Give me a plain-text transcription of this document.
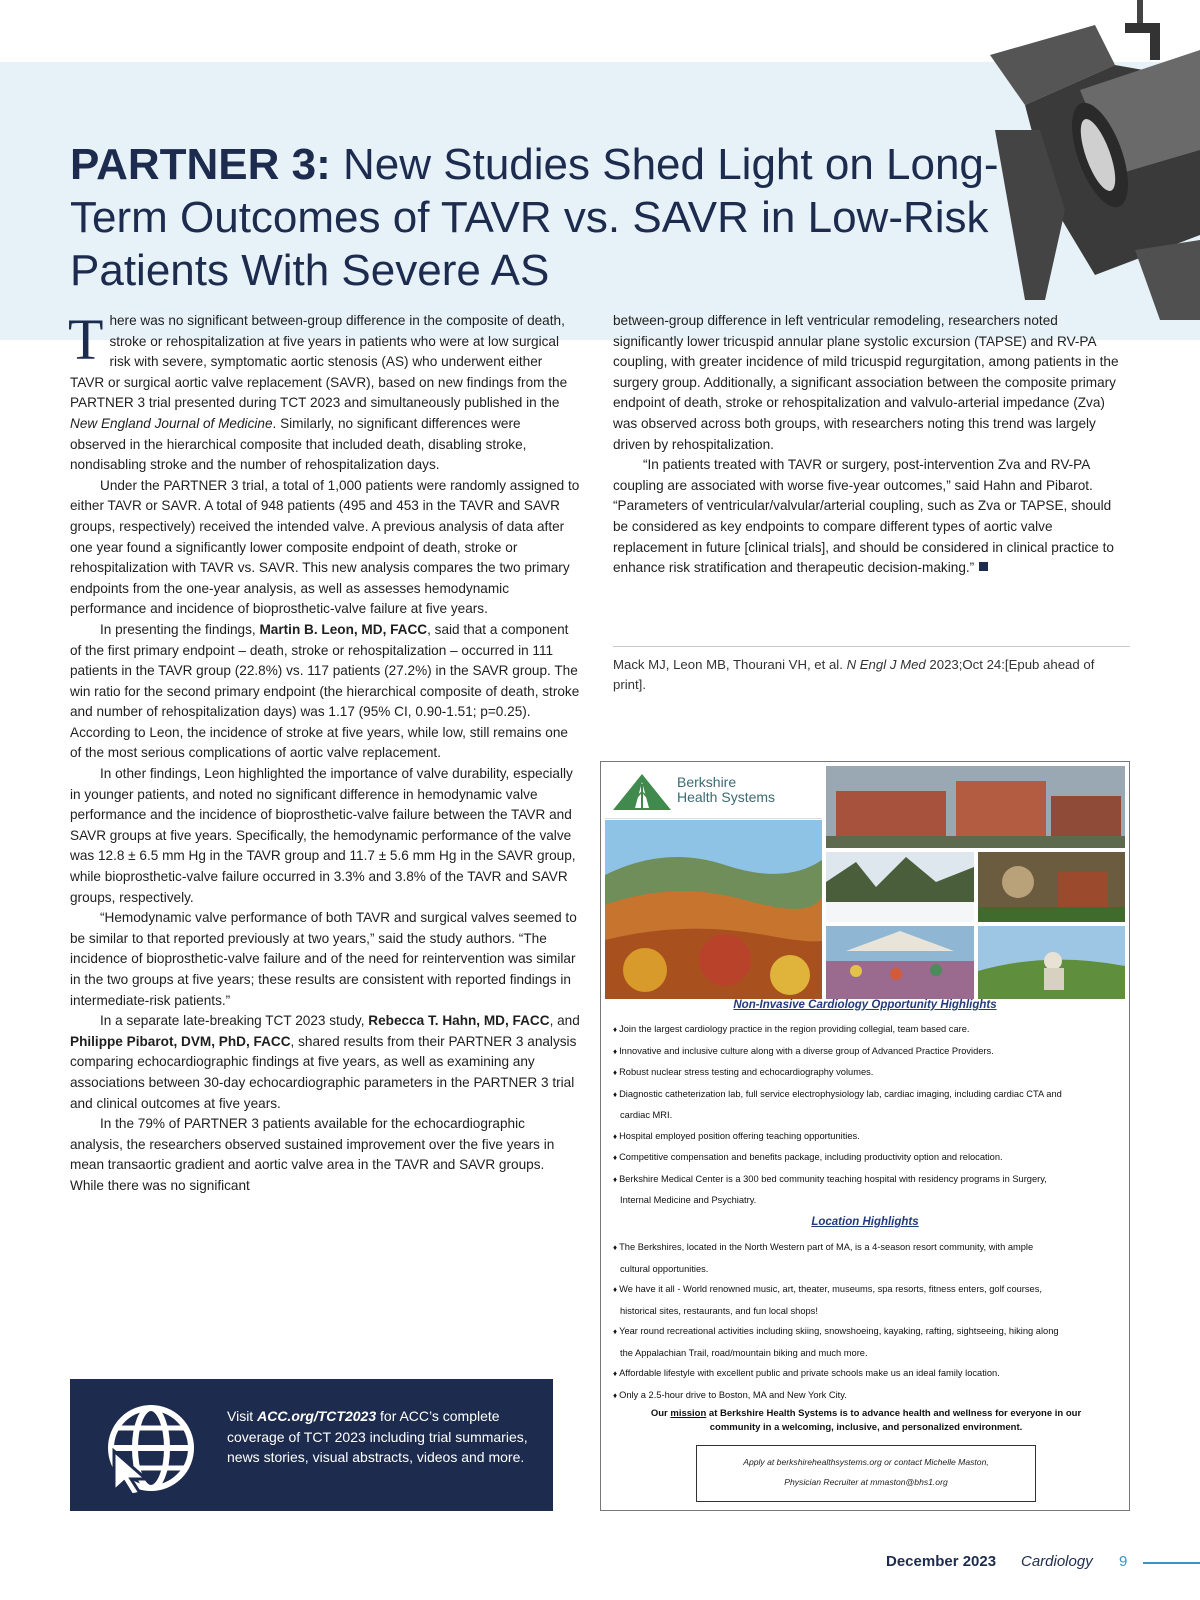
PARTNER 3: New Studies Shed Light on Long-Term Outcomes of TAVR vs. SAVR in Low-Risk Patients With Severe AS

There was no significant between-group difference in the composite of death, stroke or rehospitalization at five years in patients who were at low surgical risk with severe, symptomatic aortic stenosis (AS) who underwent either TAVR or surgical aortic valve replacement (SAVR), based on new findings from the PARTNER 3 trial presented during TCT 2023 and simultaneously published in the New England Journal of Medicine. Similarly, no significant differences were observed in the hierarchical composite that included death, disabling stroke, nondisabling stroke and the number of rehospitalization days.

Under the PARTNER 3 trial, a total of 1,000 patients were randomly assigned to either TAVR or SAVR. A total of 948 patients (495 and 453 in the TAVR and SAVR groups, respectively) received the intended valve. A previous analysis of data after one year found a significantly lower composite endpoint of death, stroke or rehospitalization with TAVR vs. SAVR. This new analysis compares the two primary endpoints from the one-year analysis, as well as assesses hemodynamic performance and incidence of bioprosthetic-valve failure at five years.

In presenting the findings, Martin B. Leon, MD, FACC, said that a component of the first primary endpoint – death, stroke or rehospitalization – occurred in 111 patients in the TAVR group (22.8%) vs. 117 patients (27.2%) in the SAVR group. The win ratio for the second primary endpoint (the hierarchical composite of death, stroke and number of rehospitalization days) was 1.17 (95% CI, 0.90-1.51; p=0.25). According to Leon, the incidence of stroke at five years, while low, still remains one of the most serious complications of aortic valve replacement.

In other findings, Leon highlighted the importance of valve durability, especially in younger patients, and noted no significant difference in hemodynamic valve performance and the incidence of bioprosthetic-valve failure between the TAVR and SAVR groups at five years. Specifically, the hemodynamic performance of the valve was 12.8 ± 6.5 mm Hg in the TAVR group and 11.7 ± 5.6 mm Hg in the SAVR group, while bioprosthetic-valve failure occurred in 3.3% and 3.8% of the TAVR and SAVR groups, respectively.

“Hemodynamic valve performance of both TAVR and surgical valves seemed to be similar to that reported previously at two years,” said the study authors. “The incidence of bioprosthetic-valve failure and of the need for reintervention was similar in the two groups at five years; these results are consistent with reported findings in intermediate-risk patients.”

In a separate late-breaking TCT 2023 study, Rebecca T. Hahn, MD, FACC, and Philippe Pibarot, DVM, PhD, FACC, shared results from their PARTNER 3 analysis comparing echocardiographic findings at five years, as well as examining any associations between 30-day echocardiographic parameters in the PARTNER 3 trial and clinical outcomes at five years.

In the 79% of PARTNER 3 patients available for the echocardiographic analysis, the researchers observed sustained improvement over the five years in mean transaortic gradient and aortic valve area in the TAVR and SAVR groups. While there was no significant

between-group difference in left ventricular remodeling, researchers noted significantly lower tricuspid annular plane systolic excursion (TAPSE) and RV-PA coupling, with greater incidence of mild tricuspid regurgitation, among patients in the surgery group. Additionally, a significant association between the composite primary endpoint of death, stroke or rehospitalization and valvulo-arterial impedance (Zva) was observed across both groups, with researchers noting this trend was largely driven by rehospitalization.

“In patients treated with TAVR or surgery, post-intervention Zva and RV-PA coupling are associated with worse five-year outcomes,” said Hahn and Pibarot. “Parameters of ventricular/valvular/arterial coupling, such as Zva or TAPSE, should be considered as key endpoints to compare different types of aortic valve replacement in future [clinical trials], and should be considered in clinical practice to enhance risk stratification and therapeutic decision-making.”

Mack MJ, Leon MB, Thourani VH, et al. N Engl J Med 2023;Oct 24:[Epub ahead of print].
Berkshire
Health Systems
Non-Invasive Cardiology Opportunity Highlights
♦ Join the largest cardiology practice in the region providing collegial, team based care.
♦ Innovative and inclusive culture along with a diverse group of Advanced Practice Providers.
♦ Robust nuclear stress testing and echocardiography volumes.
♦ Diagnostic catheterization lab, full service electrophysiology lab, cardiac imaging, including cardiac CTA and
cardiac MRI.
♦ Hospital employed position offering teaching opportunities.
♦ Competitive compensation and benefits package, including productivity option and relocation.
♦ Berkshire Medical Center is a 300 bed community teaching hospital with residency programs in Surgery,
Internal Medicine and Psychiatry.
Location Highlights
♦ The Berkshires, located in the North Western part of MA, is a 4-season resort community, with ample
cultural opportunities.
♦ We have it all - World renowned music, art, theater, museums, spa resorts, fitness enters, golf courses,
historical sites, restaurants, and fun local shops!
♦ Year round recreational activities including skiing, snowshoeing, kayaking, rafting, sightseeing, hiking along
the Appalachian Trail, road/mountain biking and much more.
♦ Affordable lifestyle with excellent public and private schools make us an ideal family location.
♦ Only a 2.5-hour drive to Boston, MA and New York City.
Our mission at Berkshire Health Systems is to advance health and wellness for everyone in our community in a welcoming, inclusive, and personalized environment.
Apply at berkshirehealthsystems.org or contact Michelle Maston,
Physician Recruiter at mmaston@bhs1.org
Visit ACC.org/TCT2023 for ACC’s complete coverage of TCT 2023 including trial summaries, news stories, visual abstracts, videos and more.
December 2023 Cardiology 9
